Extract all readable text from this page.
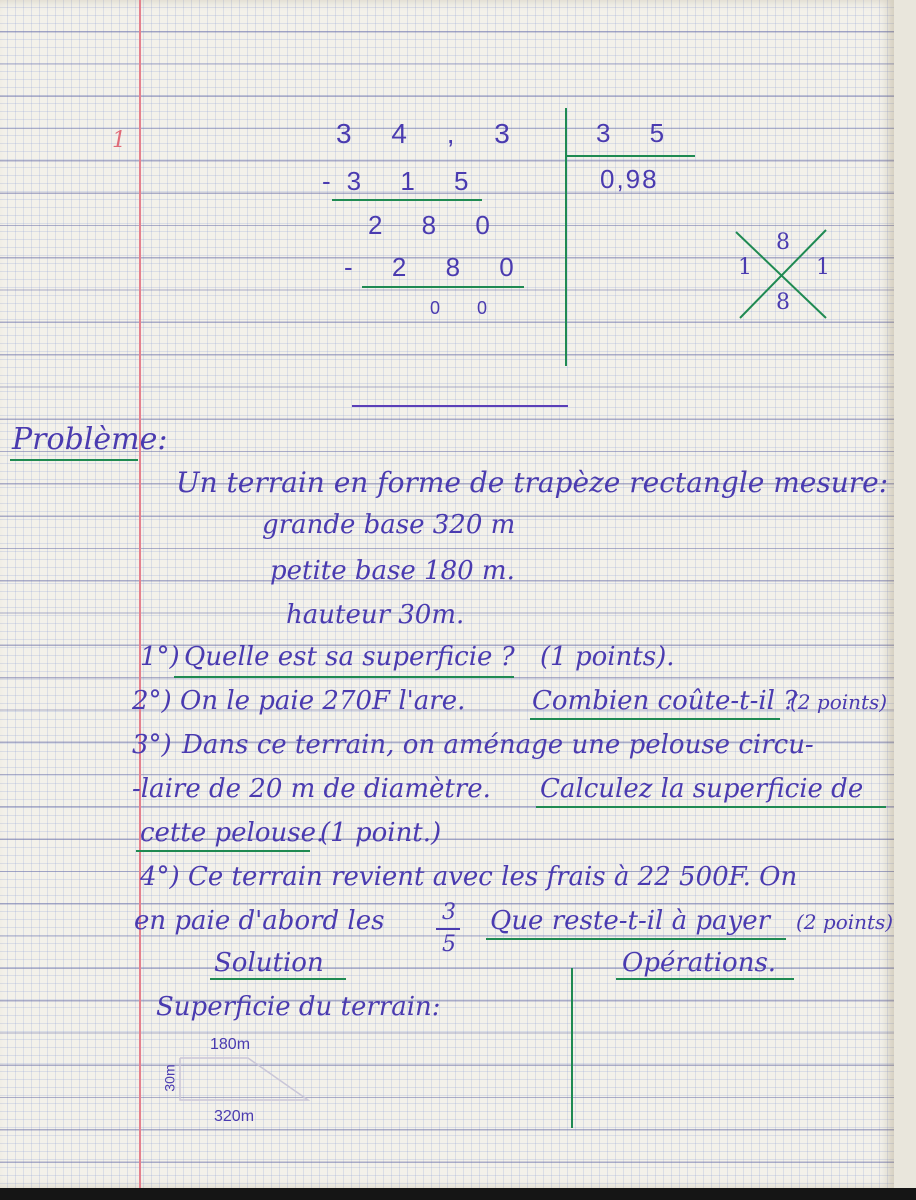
1	3 4 , 3
-3 1 5
2 8 0
- 2 8 0
0 0
3 5
0,98
8
1	1
8
Problème:
Un terrain en forme de trapèze rectangle mesure:
grande base 320 m
petite base 180 m.
hauteur 30m.
1°) Quelle est sa superficie ? (1 points).
2°) On le paie 270F l'are.	Combien coûte-t-il ?
(2 points)
3°) Dans ce terrain, on aménage une pelouse circu-
-laire de 20 m de diamètre. Calculez la superficie de
cette pelouse.
(1 point.)
4°) Ce terrain revient avec les frais à 22 500F. On
en paie d'abord les	3
5
Que reste-t-il à payer (2 points)
Solution	Opérations.
Superficie du terrain:
180m
30m
320m
